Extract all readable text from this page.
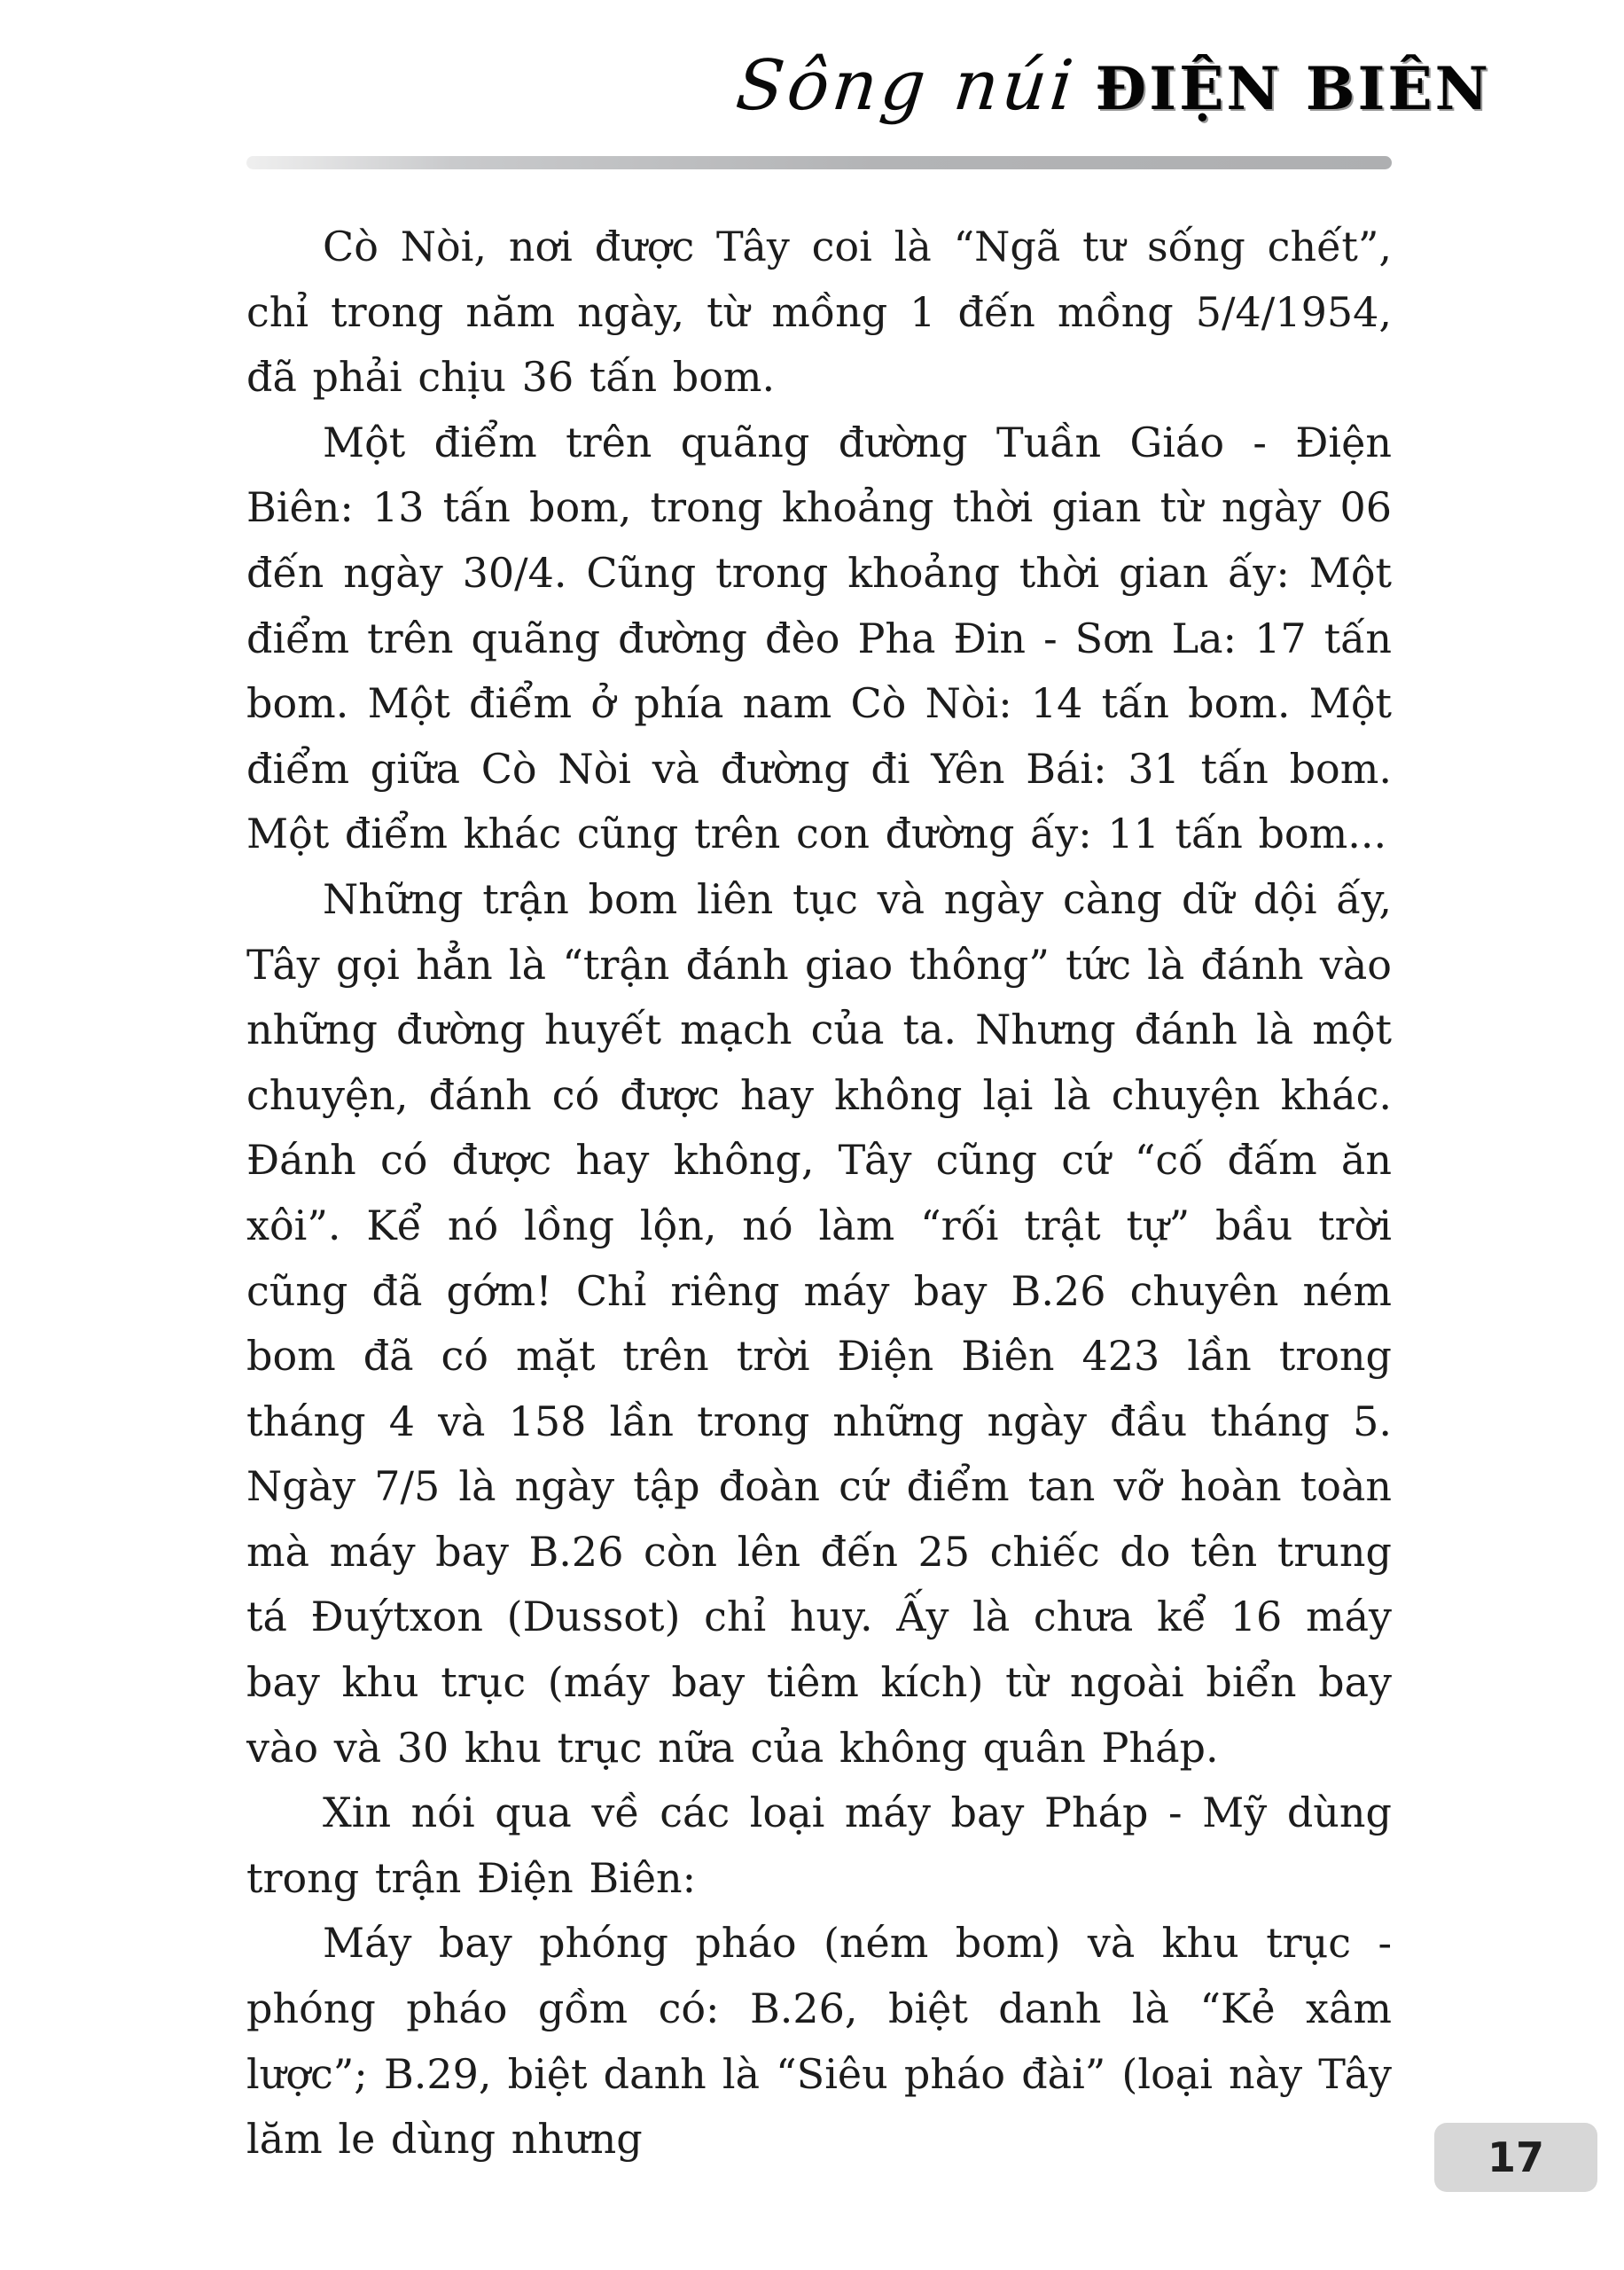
Sông núi ĐIỆN BIÊN

Cò Nòi, nơi được Tây coi là “Ngã tư sống chết”, chỉ trong năm ngày, từ mồng 1 đến mồng 5/4/1954, đã phải chịu 36 tấn bom.

Một điểm trên quãng đường Tuần Giáo - Điện Biên: 13 tấn bom, trong khoảng thời gian từ ngày 06 đến ngày 30/4. Cũng trong khoảng thời gian ấy: Một điểm trên quãng đường đèo Pha Đin - Sơn La: 17 tấn bom. Một điểm ở phía nam Cò Nòi: 14 tấn bom. Một điểm giữa Cò Nòi và đường đi Yên Bái: 31 tấn bom. Một điểm khác cũng trên con đường ấy: 11 tấn bom...

Những trận bom liên tục và ngày càng dữ dội ấy, Tây gọi hẳn là “trận đánh giao thông” tức là đánh vào những đường huyết mạch của ta. Nhưng đánh là một chuyện, đánh có được hay không lại là chuyện khác. Đánh có được hay không, Tây cũng cứ “cố đấm ăn xôi”. Kể nó lồng lộn, nó làm “rối trật tự” bầu trời cũng đã gớm! Chỉ riêng máy bay B.26 chuyên ném bom đã có mặt trên trời Điện Biên 423 lần trong tháng 4 và 158 lần trong những ngày đầu tháng 5. Ngày 7/5 là ngày tập đoàn cứ điểm tan vỡ hoàn toàn mà máy bay B.26 còn lên đến 25 chiếc do tên trung tá Đuýtxon (Dussot) chỉ huy. Ấy là chưa kể 16 máy bay khu trục (máy bay tiêm kích) từ ngoài biển bay vào và 30 khu trục nữa của không quân Pháp.

Xin nói qua về các loại máy bay Pháp - Mỹ dùng trong trận Điện Biên:

Máy bay phóng pháo (ném bom) và khu trục - phóng pháo gồm có: B.26, biệt danh là “Kẻ xâm lược”; B.29, biệt danh là “Siêu pháo đài” (loại này Tây lăm le dùng nhưng	17
